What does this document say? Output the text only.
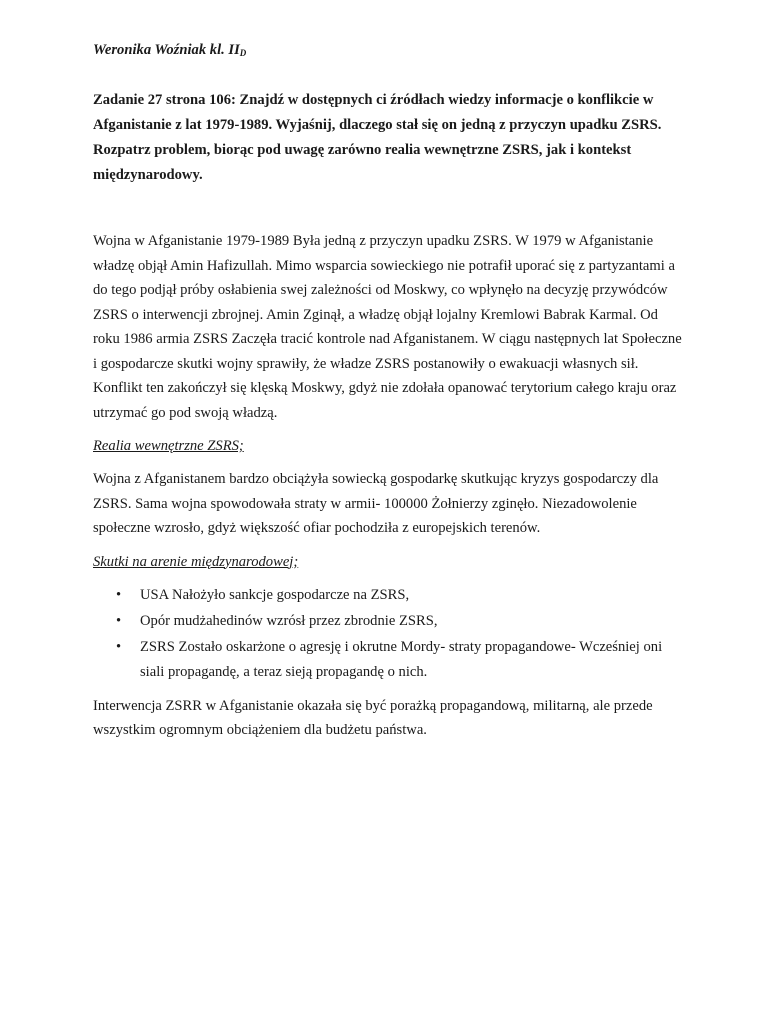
Weronika Woźniak kl. $II_D$

Zadanie 27 strona 106: Znajdź w dostępnych ci źródłach wiedzy informacje o konflikcie w Afganistanie z lat 1979-1989. Wyjaśnij, dlaczego stał się on jedną z przyczyn upadku ZSRS. Rozpatrz problem, biorąc pod uwagę zarówno realia wewnętrzne ZSRS, jak i kontekst międzynarodowy.

Wojna w Afganistanie 1979-1989 Była jedną z przyczyn upadku ZSRS. W 1979 w Afganistanie władzę objął Amin Hafizullah. Mimo wsparcia sowieckiego nie potrafił uporać się z partyzantami a do tego podjął próby osłabienia swej zależności od Moskwy, co wpłynęło na decyzję przywódców ZSRS o interwencji zbrojnej. Amin Zginął, a władzę objął lojalny Kremlowi Babrak Karmal. Od roku 1986 armia ZSRS Zaczęła tracić kontrole nad Afganistanem. W ciągu następnych lat Społeczne i gospodarcze skutki wojny sprawiły, że władze ZSRS postanowiły o ewakuacji własnych sił. Konflikt ten zakończył się klęską Moskwy, gdyż nie zdołała opanować terytorium całego kraju oraz utrzymać go pod swoją władzą.

Realia wewnętrzne ZSRS;

Wojna z Afganistanem bardzo obciążyła sowiecką gospodarkę skutkując kryzys gospodarczy dla ZSRS. Sama wojna spowodowała straty w armii- 100000 Żołnierzy zginęło. Niezadowolenie społeczne wzrosło, gdyż większość ofiar pochodziła z europejskich terenów.

Skutki na arenie międzynarodowej;

• USA Nałożyło sankcje gospodarcze na ZSRS,
• Opór mudżahedinów wzrósł przez zbrodnie ZSRS,
• ZSRS Zostało oskarżone o agresję i okrutne Mordy- straty propagandowe- Wcześniej oni siali propagandę, a teraz sieją propagandę o nich.

Interwencja ZSRR w Afganistanie okazała się być porażką propagandową, militarną, ale przede wszystkim ogromnym obciążeniem dla budżetu państwa.
